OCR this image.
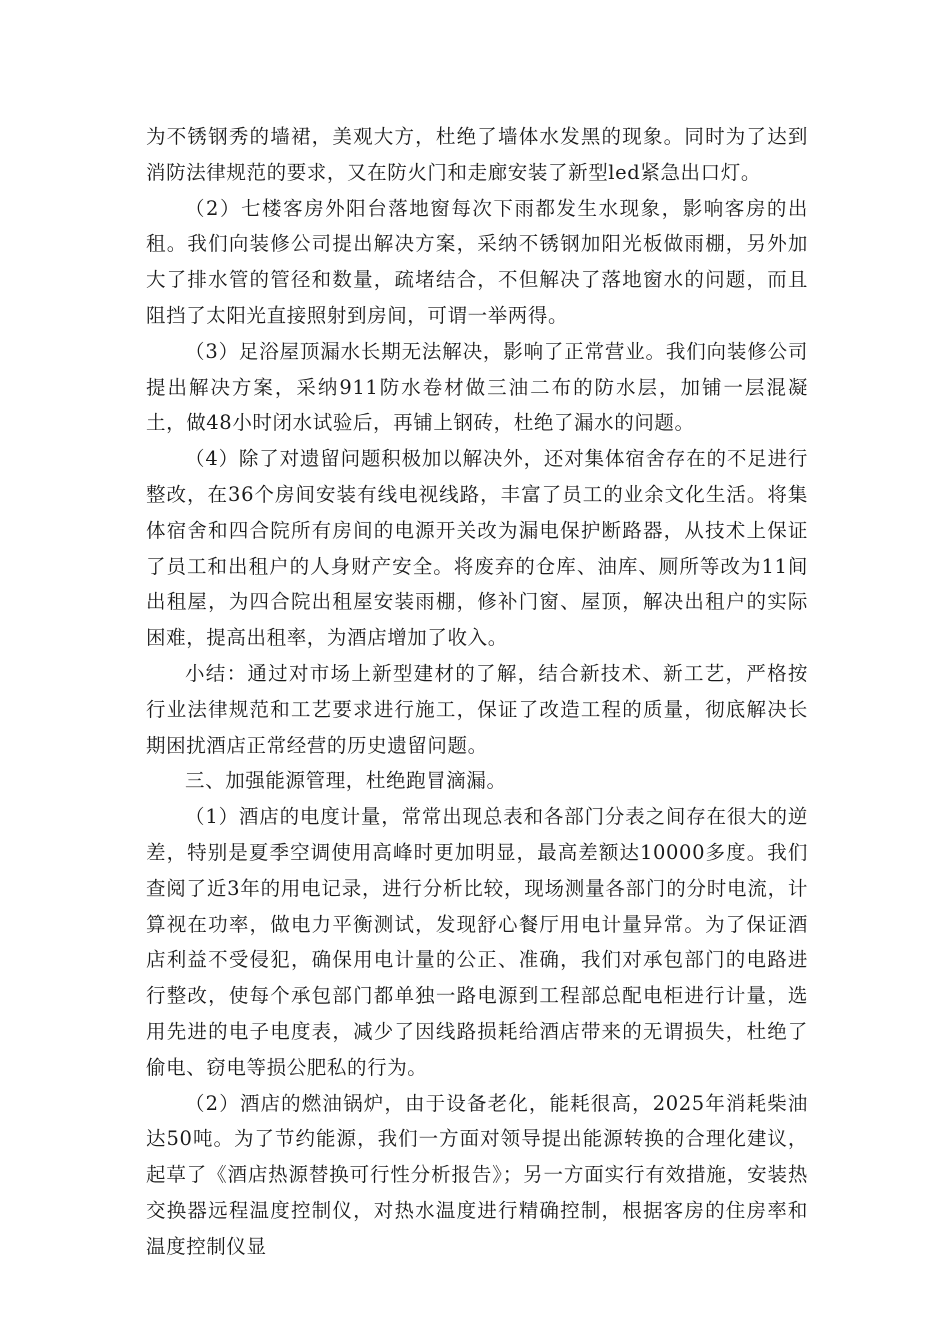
为不锈钢秀的墙裙，美观大方，杜绝了墙体水发黑的现象。同时为了达到消防法律规范的要求，又在防火门和走廊安装了新型led紧急出口灯。

（2）七楼客房外阳台落地窗每次下雨都发生水现象，影响客房的出租。我们向装修公司提出解决方案，采纳不锈钢加阳光板做雨棚，另外加大了排水管的管径和数量，疏堵结合，不但解决了落地窗水的问题，而且阻挡了太阳光直接照射到房间，可谓一举两得。

（3）足浴屋顶漏水长期无法解决，影响了正常营业。我们向装修公司提出解决方案，采纳911防水卷材做三油二布的防水层，加铺一层混凝土，做48小时闭水试验后，再铺上钢砖，杜绝了漏水的问题。

（4）除了对遗留问题积极加以解决外，还对集体宿舍存在的不足进行整改，在36个房间安装有线电视线路，丰富了员工的业余文化生活。将集体宿舍和四合院所有房间的电源开关改为漏电保护断路器，从技术上保证了员工和出租户的人身财产安全。将废弃的仓库、油库、厕所等改为11间出租屋，为四合院出租屋安装雨棚，修补门窗、屋顶，解决出租户的实际困难，提高出租率，为酒店增加了收入。

小结：通过对市场上新型建材的了解，结合新技术、新工艺，严格按行业法律规范和工艺要求进行施工，保证了改造工程的质量，彻底解决长期困扰酒店正常经营的历史遗留问题。

三、加强能源管理，杜绝跑冒滴漏。

（1）酒店的电度计量，常常出现总表和各部门分表之间存在很大的逆差，特别是夏季空调使用高峰时更加明显，最高差额达10000多度。我们查阅了近3年的用电记录，进行分析比较，现场测量各部门的分时电流，计算视在功率，做电力平衡测试，发现舒心餐厅用电计量异常。为了保证酒店利益不受侵犯，确保用电计量的公正、准确，我们对承包部门的电路进行整改，使每个承包部门都单独一路电源到工程部总配电柜进行计量，选用先进的电子电度表，减少了因线路损耗给酒店带来的无谓损失，杜绝了偷电、窃电等损公肥私的行为。

（2）酒店的燃油锅炉，由于设备老化，能耗很高，2025年消耗柴油达50吨。为了节约能源，我们一方面对领导提出能源转换的合理化建议，起草了《酒店热源替换可行性分析报告》；另一方面实行有效措施，安装热交换器远程温度控制仪，对热水温度进行精确控制，根据客房的住房率和温度控制仪显
